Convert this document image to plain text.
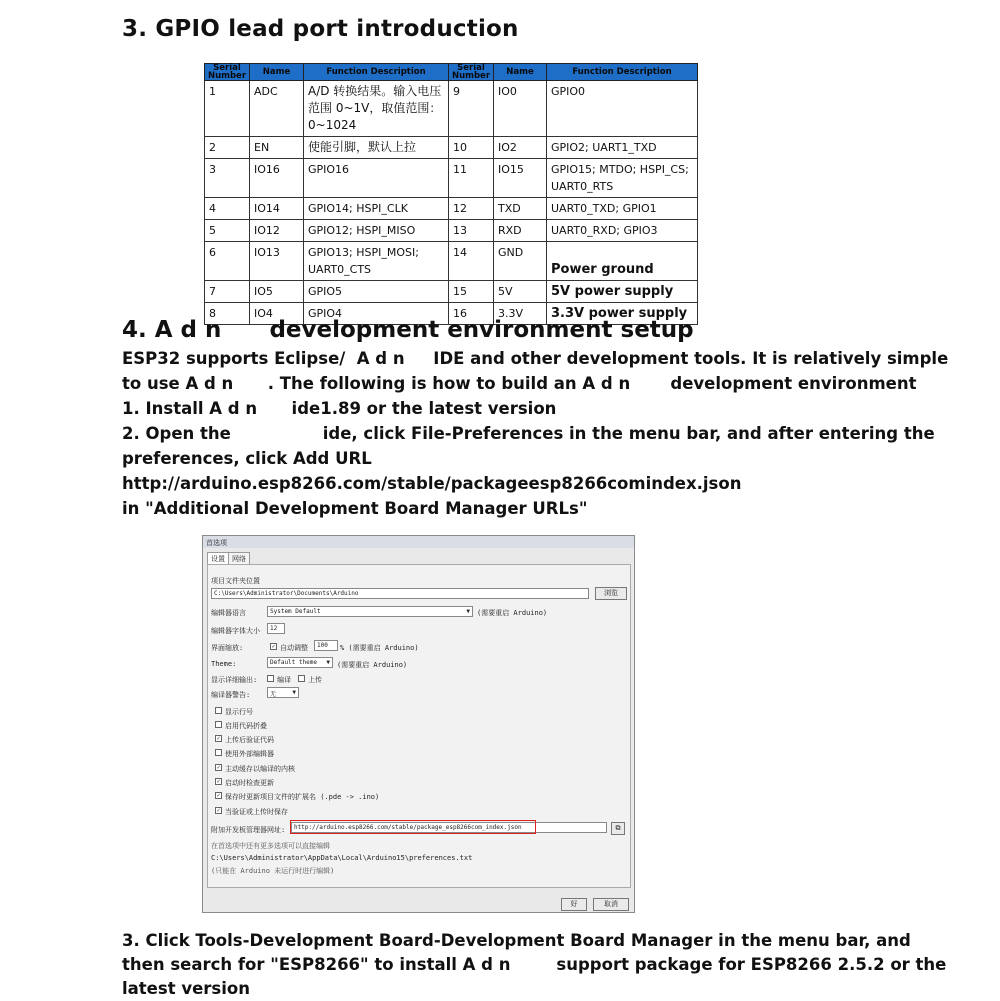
3. GPIO lead port introduction
Serial Number	Name	Function Description	Serial Number	Name	Function Description
1	ADC	A/D 转换结果。输入电压范围 0~1V，取值范围：0~1024	9	IO0	GPIO0
2	EN	使能引脚，默认上拉	10	IO2	GPIO2; UART1_TXD
3	IO16	GPIO16	11	IO15	GPIO15; MTDO; HSPI_CS; UART0_RTS
4	IO14	GPIO14; HSPI_CLK	12	TXD	UART0_TXD; GPIO1
5	IO12	GPIO12; HSPI_MISO	13	RXD	UART0_RXD; GPIO3
6	IO13	GPIO13; HSPI_MOSI; UART0_CTS	14	GND	Power ground
7	IO5	GPIO5	15	5V	5V power supply
8	IO4	GPIO4	16	3.3V	3.3V power supply
4. A d n      development environment setup
ESP32 supports Eclipse/  A d n     IDE and other development tools. It is relatively simple
to use A d n      . The following is how to build an A d n       development environment
1. Install A d n      ide1.89 or the latest version
2. Open the                ide, click File-Preferences in the menu bar, and after entering the
preferences, click Add URL
http://arduino.esp8266.com/stable/packageesp8266comindex.json
in "Additional Development Board Manager URLs"
首选项
设置	网络
项目文件夹位置
C:\Users\Administrator\Documents\Arduino	浏览
编辑器语言	System Default	▼ (需要重启 Arduino)
编辑器字体大小	12
界面缩放:	✓ 自动调整	100	% (需要重启 Arduino)
Theme:	Default theme ▼ (需要重启 Arduino)
显示详细输出:	编译 上传
编译器警告:	无	▼
显示行号
启用代码折叠
✓ 上传后验证代码
使用外部编辑器
✓ 主动缓存以编译的内核
✓ 启动时检查更新
✓ 保存时更新项目文件的扩展名 (.pde -> .ino)
✓ 当验证或上传时保存
附加开发板管理器网址:	http://arduino.esp8266.com/stable/package_esp8266com_index.json	⧉
在首选项中还有更多选项可以直接编辑
C:\Users\Administrator\AppData\Local\Arduino15\preferences.txt
(只能在 Arduino 未运行时进行编辑)
好	取消
3. Click Tools-Development Board-Development Board Manager in the menu bar, and
then search for "ESP8266" to install A d n        support package for ESP8266 2.5.2 or the
latest version
